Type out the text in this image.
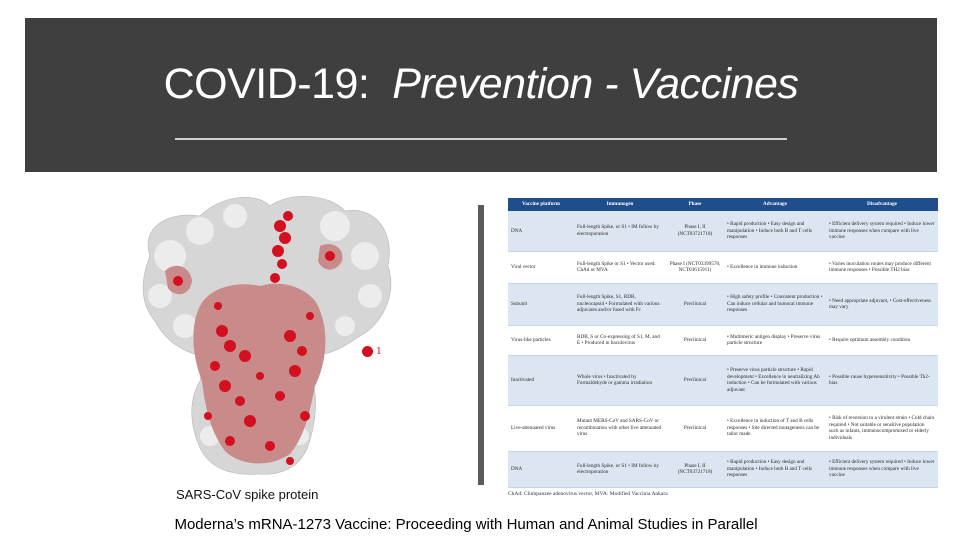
COVID-19: Prevention - Vaccines
1
SARS-CoV spike protein
Vaccine platform	Immunogen	Phase	Advantage	Disadvantage
DNA	Full-length Spike, or S1 • IM follow by electroporation	Phase I, II (NCT03721718)	• Rapid production • Easy design and manipulation • Induce both B and T cells responses	• Efficient delivery system required • Induce lower immune responses when compare with live vaccine
Viral vector	Full-length Spike or S1 • Vector used: ChAd or MVA	Phase I (NCT03399578, NCT03615911)	• Excellence in immune induction	• Varies inoculation routes may produce different immune responses • Possible TH2 bias
Subunit	Full-length Spike, S1, RDB, nucleocapsid • Formulated with various adjuvants and/or fused with Fc	Preclinical	• High safety profile • Consistent production • Can induce cellular and humoral immune responses	• Need appropriate adjuvant, • Cost-effectiveness may vary
Virus-like particles	RDB, S or Co-expressing of S1, M, and E • Produced in baculovirus	Preclinical	• Multimeric antigen display • Preserve virus particle structure	• Require optimum assembly condition
Inactivated	Whole virus • Inactivated by Formaldehyde or gamma irradiation	Preclinical	• Preserve virus particle structure • Rapid development • Excellence in neutralizing Ab induction • Can be formulated with various adjuvant	• Possible cause hypersensitivity • Possible Th2-bias
Live-attenuated virus	Mutant MERS-CoV and SARS-CoV or recombination with other live attenuated virus	Preclinical	• Excellence in induction of T and B cells responses • Site directed mutagenesis can be tailor made	• Risk of reversion to a virulent strain • Cold chain required • Not suitable or sensitive population such as infants, immunocompromised or elderly individuals
DNA	Full-length Spike, or S1 • IM follow by electroporation	Phase I, II (NCT03721718)	• Rapid production • Easy design and manipulation • Induce both B and T cells responses	• Efficient delivery system required • Induce lower immune responses when compare with live vaccine
ChAd: Chimpanzee adenovirus vector, MVA: Modified Vaccinia Ankara
Moderna’s mRNA-1273 Vaccine: Proceeding with Human and Animal Studies in Parallel
